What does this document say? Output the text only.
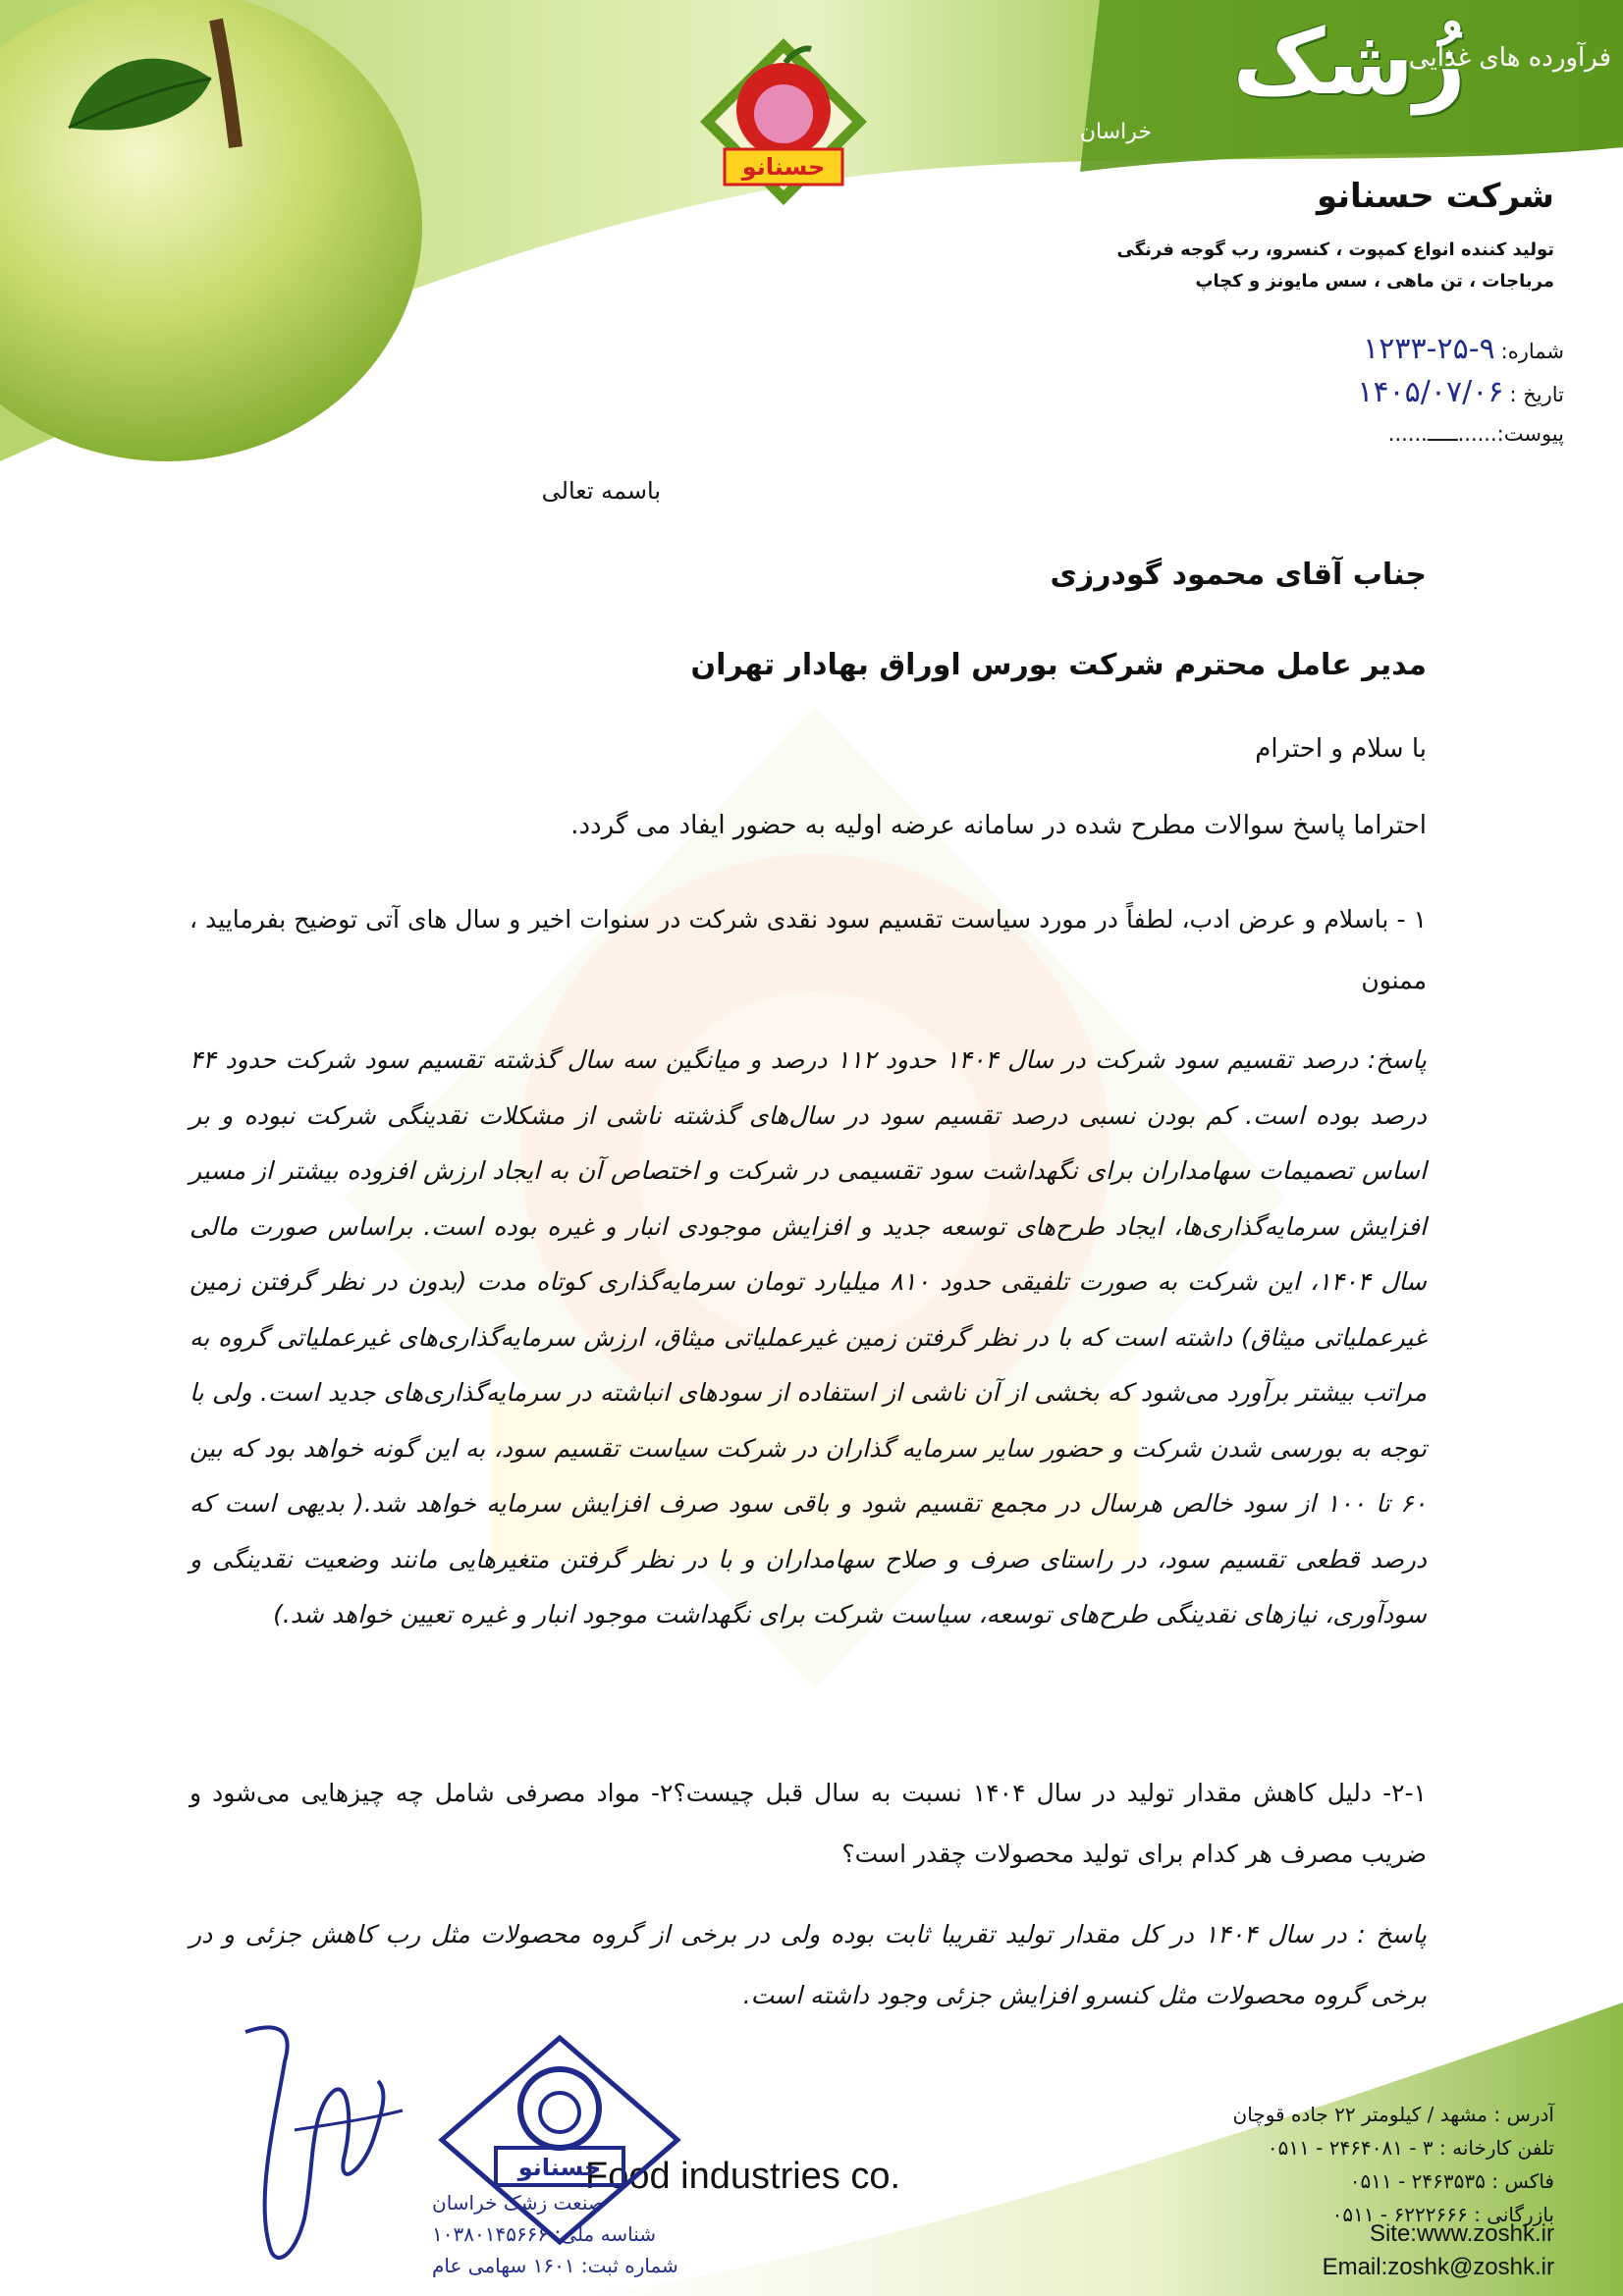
زُشک
فرآورده های غذایی
خراسان
حسنانو
شرکت حسنانو
تولید کننده انواع کمپوت ، کنسرو، رب گوجه فرنگی
مرباجات ، تن ماهی ، سس مایونز و کچاپ
شماره:۹-۲۵-۱۲۳۳
تاریخ :۱۴۰۵/۰۷/۰۶
پیوست:......ـــــ......
باسمه تعالی
جناب آقای محمود گودرزی
مدیر عامل محترم شرکت بورس اوراق بهادار تهران
با سلام و احترام
احتراما پاسخ سوالات مطرح شده در سامانه عرضه اولیه به حضور ایفاد می گردد.
۱ - باسلام و عرض ادب، لطفاً در مورد سیاست تقسیم سود نقدی شرکت در سنوات اخیر و سال های آتی توضیح بفرمایید ، ممنون
پاسخ: درصد تقسیم سود شرکت در سال ۱۴۰۴ حدود ۱۱۲ درصد و میانگین سه سال گذشته تقسیم سود شرکت حدود ۴۴ درصد بوده است. کم بودن نسبی درصد تقسیم سود در سال‌های گذشته ناشی از مشکلات نقدینگی شرکت نبوده و بر اساس تصمیمات سهامداران برای نگهداشت سود تقسیمی در شرکت و اختصاص آن به ایجاد ارزش افزوده بیشتر از مسیر افزایش سرمایه‌گذاری‌ها، ایجاد طرح‌های توسعه جدید و افزایش موجودی انبار و غیره بوده است. براساس صورت مالی سال ۱۴۰۴، این شرکت به صورت تلفیقی حدود ۸۱۰ میلیارد تومان سرمایه‌گذاری کوتاه مدت (بدون در نظر گرفتن زمین غیرعملیاتی میثاق) داشته است که با در نظر گرفتن زمین غیرعملیاتی میثاق، ارزش سرمایه‌گذاری‌های غیرعملیاتی گروه به مراتب بیشتر برآورد می‌شود که بخشی از آن ناشی از استفاده از سودهای انباشته در سرمایه‌گذاری‌های جدید است. ولی با توجه به بورسی شدن شرکت و حضور سایر سرمایه گذاران در شرکت سیاست تقسیم سود، به این گونه خواهد بود که بین ۶۰ تا ۱۰۰ از سود خالص هرسال در مجمع تقسیم شود و باقی سود صرف افزایش سرمایه خواهد شد.( بدیهی است که درصد قطعی تقسیم سود، در راستای صرف و صلاح سهامداران و با در نظر گرفتن متغیرهایی مانند وضعیت نقدینگی و سودآوری، نیازهای نقدینگی طرح‌های توسعه، سیاست شرکت برای نگهداشت موجود انبار و غیره تعیین خواهد شد.)
۲-۱- دلیل کاهش مقدار تولید در سال ۱۴۰۴ نسبت به سال قبل چیست؟۲- مواد مصرفی شامل چه چیزهایی می‌شود و ضریب مصرف هر کدام برای تولید محصولات چقدر است؟
پاسخ : در سال ۱۴۰۴ در کل مقدار تولید تقریبا ثابت بوده ولی در برخی از گروه محصولات مثل رب کاهش جزئی و در برخی گروه محصولات مثل کنسرو افزایش جزئی وجود داشته است.
آدرس : مشهد / کیلومتر ۲۲ جاده قوچان
تلفن کارخانه : ۳ - ۲۴۶۴۰۸۱ - ۰۵۱۱
فاکس : ۲۴۶۳۵۳۵ - ۰۵۱۱
بازرگانی : ۶۲۲۲۶۶۶ - ۰۵۱۱
Site:www.zoshk.ir
Email:zoshk@zoshk.ir
Food industries co.
حسنانو
صنعت زشک خراسان
شناسه ملی: ۱۰۳۸۰۱۴۵۶۶۶
شماره ثبت: ۱۶۰۱ سهامی عام
